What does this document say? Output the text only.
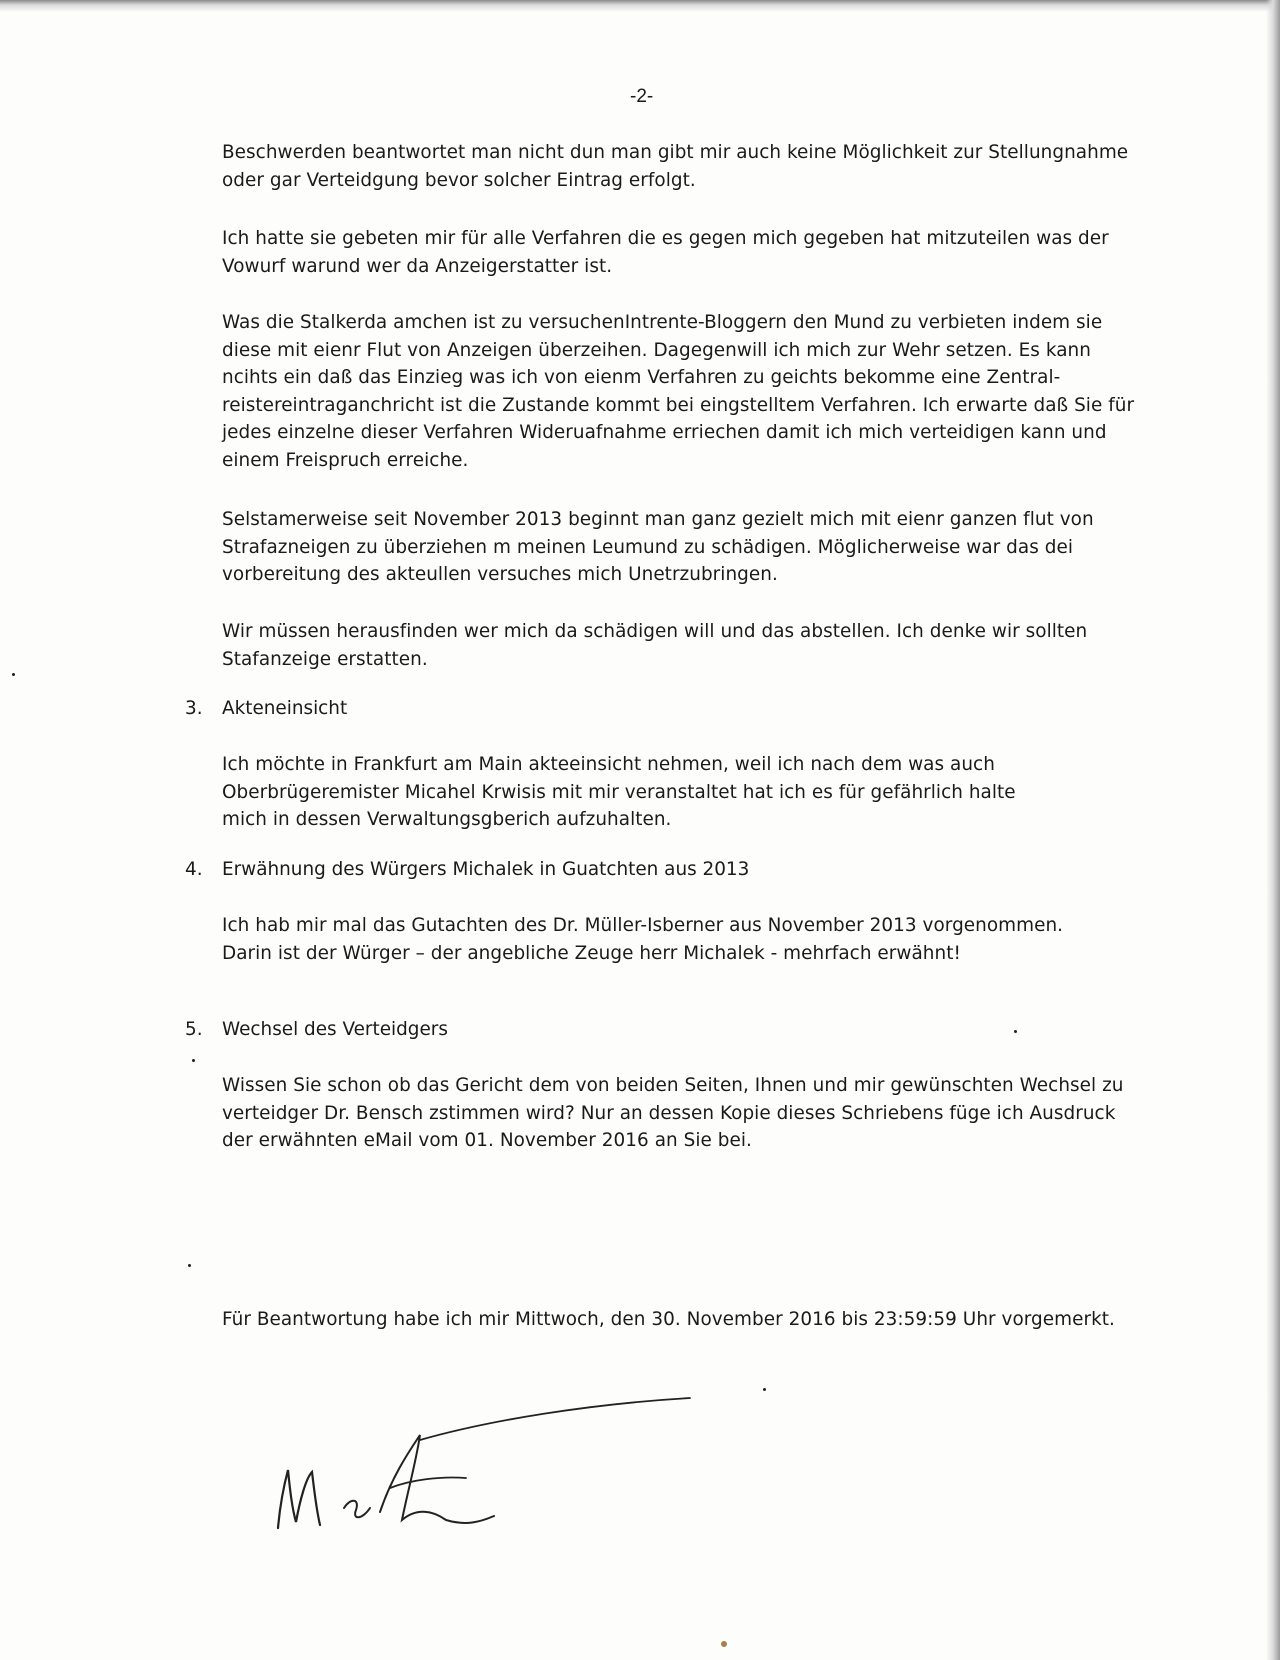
-2-
Beschwerden beantwortet man nicht dun man gibt mir auch keine Möglichkeit zur Stellungnahme
oder gar Verteidgung bevor solcher Eintrag erfolgt.
Ich hatte sie gebeten mir für alle Verfahren die es gegen mich gegeben hat mitzuteilen was der
Vowurf warund wer da Anzeigerstatter ist.
Was die Stalkerda amchen ist zu versuchenIntrente-Bloggern den Mund zu verbieten indem sie
diese mit eienr Flut von Anzeigen überzeihen. Dagegenwill ich mich zur Wehr setzen. Es kann
ncihts ein daß das Einzieg was ich von eienm Verfahren zu geichts bekomme eine Zentral-
reistereintraganchricht ist die Zustande kommt bei eingstelltem Verfahren. Ich erwarte daß Sie für
jedes einzelne dieser Verfahren Wideruafnahme erriechen damit ich mich verteidigen kann und
einem Freispruch erreiche.
Selstamerweise seit November 2013 beginnt man ganz gezielt mich mit eienr ganzen flut von
Strafazneigen zu überziehen m meinen Leumund zu schädigen. Möglicherweise war das dei
vorbereitung des akteullen versuches mich Unetrzubringen.
Wir müssen herausfinden wer mich da schädigen will und das abstellen. Ich denke wir sollten
Stafanzeige erstatten.
3. Akteneinsicht
Ich möchte in Frankfurt am Main akteeinsicht nehmen, weil ich nach dem was auch
Oberbrügeremister Micahel Krwisis mit mir veranstaltet hat ich es für gefährlich halte
mich in dessen Verwaltungsgberich aufzuhalten.
4. Erwähnung des Würgers Michalek in Guatchten aus 2013
Ich hab mir mal das Gutachten des Dr. Müller-Isberner aus November 2013 vorgenommen.
Darin ist der Würger – der angebliche Zeuge herr Michalek - mehrfach erwähnt!
5. Wechsel des Verteidgers
Wissen Sie schon ob das Gericht dem von beiden Seiten, Ihnen und mir gewünschten Wechsel zu
verteidger Dr. Bensch zstimmen wird? Nur an dessen Kopie dieses Schriebens füge ich Ausdruck
der erwähnten eMail vom 01. November 2016 an Sie bei.
Für Beantwortung habe ich mir Mittwoch, den 30. November 2016 bis 23:59:59 Uhr vorgemerkt.
